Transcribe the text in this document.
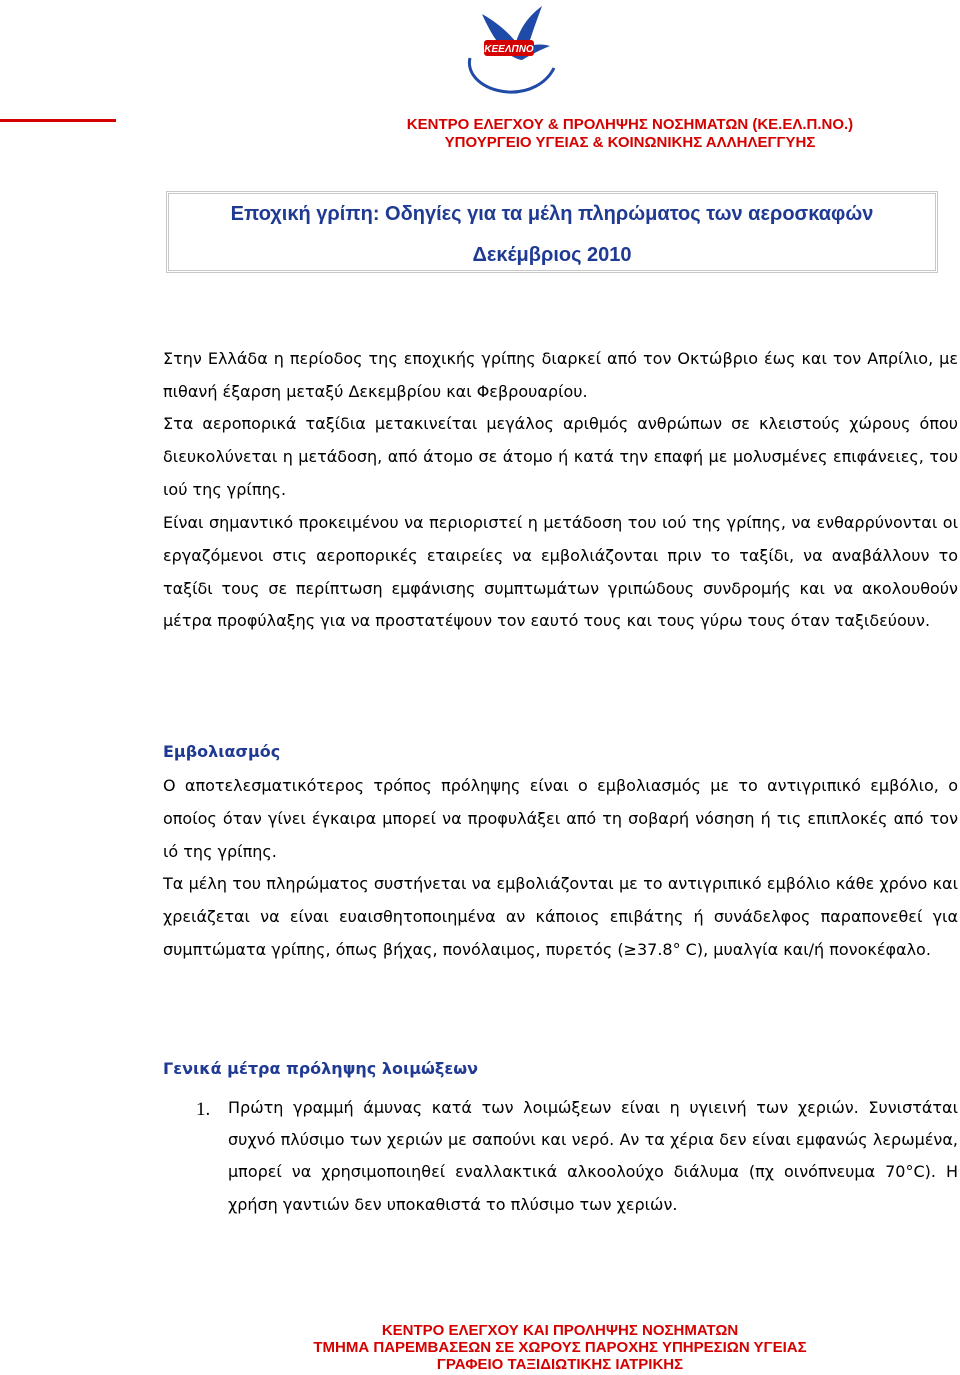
ΚΕΕΛΠΝΟ
ΚΕΝΤΡΟ ΕΛΕΓΧΟΥ & ΠΡΟΛΗΨΗΣ ΝΟΣΗΜΑΤΩΝ (ΚΕ.ΕΛ.Π.ΝΟ.)
ΥΠΟΥΡΓΕΙΟ ΥΓΕΙΑΣ & ΚΟΙΝΩΝΙΚΗΣ ΑΛΛΗΛΕΓΓΥΗΣ
Εποχική γρίπη: Οδηγίες για τα μέλη πληρώματος των αεροσκαφών
Δεκέμβριος 2010

Στην Ελλάδα η περίοδος της εποχικής γρίπης διαρκεί από τον Οκτώβριο έως και τον Απρίλιο, με πιθανή έξαρση μεταξύ Δεκεμβρίου και Φεβρουαρίου.

Στα αεροπορικά ταξίδια μετακινείται μεγάλος αριθμός ανθρώπων σε κλειστούς χώρους όπου διευκολύνεται η μετάδοση, από άτομο σε άτομο ή κατά την επαφή με μολυσμένες επιφάνειες, του ιού της γρίπης.

Είναι σημαντικό προκειμένου να περιοριστεί η μετάδοση του ιού της γρίπης, να ενθαρρύνονται οι εργαζόμενοι στις αεροπορικές εταιρείες να εμβολιάζονται πριν το ταξίδι, να αναβάλλουν το ταξίδι τους σε περίπτωση εμφάνισης συμπτωμάτων γριπώδους συνδρομής και να ακολουθούν μέτρα προφύλαξης για να προστατέψουν τον εαυτό τους και τους γύρω τους όταν ταξιδεύουν.

Εμβολιασμός

Ο αποτελεσματικότερος τρόπος πρόληψης είναι ο εμβολιασμός με το αντιγριπικό εμβόλιο, ο οποίος όταν γίνει έγκαιρα μπορεί να προφυλάξει από τη σοβαρή νόσηση ή τις επιπλοκές από τον ιό της γρίπης.

Τα μέλη του πληρώματος συστήνεται να εμβολιάζονται με το αντιγριπικό εμβόλιο κάθε χρόνο και χρειάζεται να είναι ευαισθητοποιημένα αν κάποιος επιβάτης ή συνάδελφος παραπονεθεί για συμπτώματα γρίπης, όπως βήχας, πονόλαιμος, πυρετός (≥37.8° C), μυαλγία και/ή πονοκέφαλο.

Γενικά μέτρα πρόληψης λοιμώξεων
1. Πρώτη γραμμή άμυνας κατά των λοιμώξεων είναι η υγιεινή των χεριών. Συνιστάται συχνό πλύσιμο των χεριών με σαπούνι και νερό. Αν τα χέρια δεν είναι εμφανώς λερωμένα, μπορεί να χρησιμοποιηθεί εναλλακτικά αλκοολούχο διάλυμα (πχ οινόπνευμα 70°C). Η χρήση γαντιών δεν υποκαθιστά το πλύσιμο των χεριών.

ΚΕΝΤΡΟ ΕΛΕΓΧΟΥ ΚΑΙ ΠΡΟΛΗΨΗΣ ΝΟΣΗΜΑΤΩΝ
ΤΜΗΜΑ ΠΑΡΕΜΒΑΣΕΩΝ ΣΕ ΧΩΡΟΥΣ ΠΑΡΟΧΗΣ ΥΠΗΡΕΣΙΩΝ ΥΓΕΙΑΣ
ΓΡΑΦΕΙΟ ΤΑΞΙΔΙΩΤΙΚΗΣ ΙΑΤΡΙΚΗΣ
